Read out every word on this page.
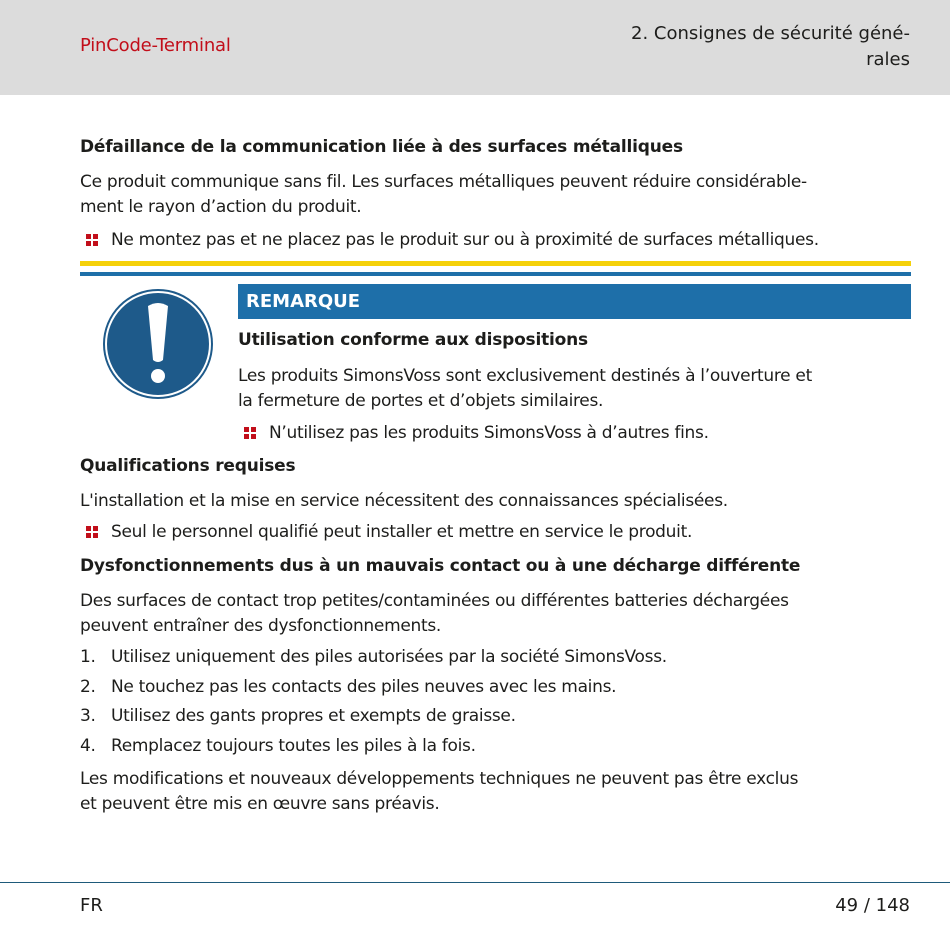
PinCode-Terminal
2. Consignes de sécurité géné-
rales
Défaillance de la communication liée à des surfaces métalliques
Ce produit communique sans fil. Les surfaces métalliques peuvent réduire considérable-
ment le rayon d’action du produit.
Ne montez pas et ne placez pas le produit sur ou à proximité de surfaces métalliques.
REMARQUE
Utilisation conforme aux dispositions
Les produits SimonsVoss sont exclusivement destinés à l’ouverture et
la fermeture de portes et d’objets similaires.
N’utilisez pas les produits SimonsVoss à d’autres fins.
Qualifications requises
L'installation et la mise en service nécessitent des connaissances spécialisées.
Seul le personnel qualifié peut installer et mettre en service le produit.
Dysfonctionnements dus à un mauvais contact ou à une décharge différente
Des surfaces de contact trop petites/contaminées ou différentes batteries déchargées
peuvent entraîner des dysfonctionnements.
1. Utilisez uniquement des piles autorisées par la société SimonsVoss.
2. Ne touchez pas les contacts des piles neuves avec les mains.
3. Utilisez des gants propres et exempts de graisse.
4. Remplacez toujours toutes les piles à la fois.
Les modifications et nouveaux développements techniques ne peuvent pas être exclus
et peuvent être mis en œuvre sans préavis.
FR	49 / 148
